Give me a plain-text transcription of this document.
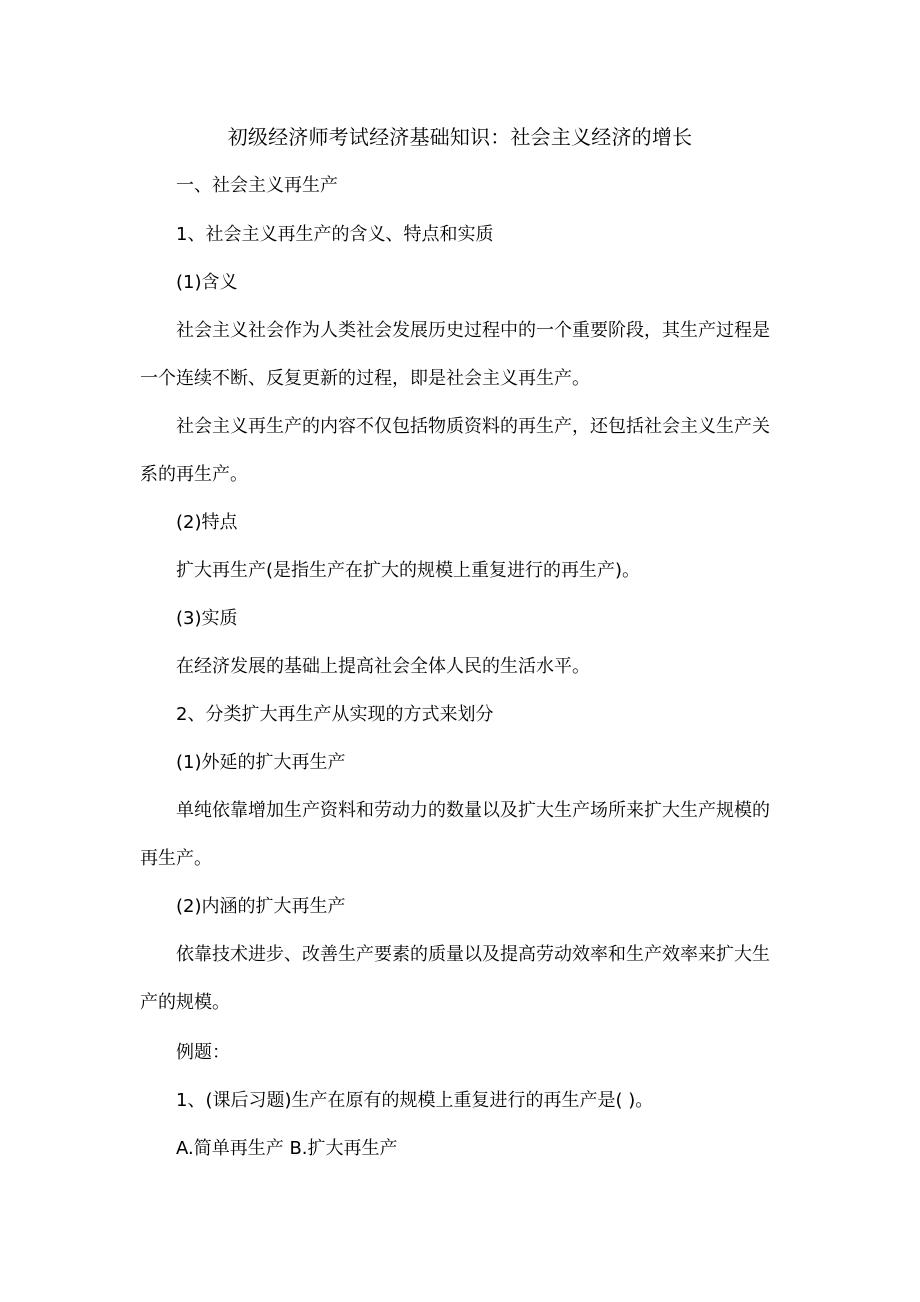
初级经济师考试经济基础知识：社会主义经济的增长
一、社会主义再生产
1、社会主义再生产的含义、特点和实质
(1)含义
社会主义社会作为人类社会发展历史过程中的一个重要阶段，其生产过程是
一个连续不断、反复更新的过程，即是社会主义再生产。
社会主义再生产的内容不仅包括物质资料的再生产，还包括社会主义生产关
系的再生产。
(2)特点
扩大再生产(是指生产在扩大的规模上重复进行的再生产)。
(3)实质
在经济发展的基础上提高社会全体人民的生活水平。
2、分类扩大再生产从实现的方式来划分
(1)外延的扩大再生产
单纯依靠增加生产资料和劳动力的数量以及扩大生产场所来扩大生产规模的
再生产。
(2)内涵的扩大再生产
依靠技术进步、改善生产要素的质量以及提高劳动效率和生产效率来扩大生
产的规模。
例题：
1、(课后习题)生产在原有的规模上重复进行的再生产是( )。
A.简单再生产 B.扩大再生产
